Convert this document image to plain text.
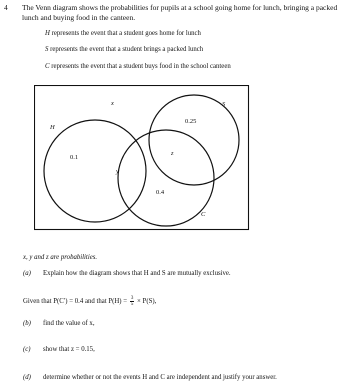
4 The Venn diagram shows the probabilities for pupils at a school going home for lunch, bringing a packed lunch and buying food in the canteen.
H represents the event that a student goes home for lunch
S represents the event that a student brings a packed lunch
C represents the event that a student buys food in the school canteen
H
S
C
x
0.1
0.25
0.4
y
z
x, y and z are probabilities.
(a) Explain how the diagram shows that H and S are mutually exclusive.
Given that P(C′) = 0.4 and that $P(H) = \frac{3}{5} \times P(S)$,
(b) find the value of x,
(c) show that z = 0.15,
(d) determine whether or not the events H and C are independent and justify your answer.
